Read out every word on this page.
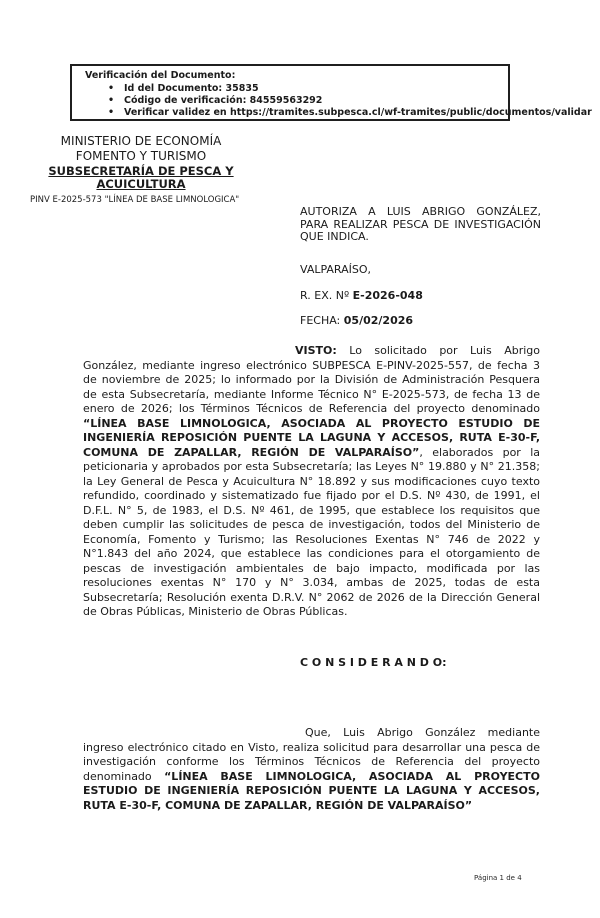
Verificación del Documento:
• Id del Documento: 35835
• Código de verificación: 84559563292
• Verificar validez en https://tramites.subpesca.cl/wf-tramites/public/documentos/validar
MINISTERIO DE ECONOMÍA
FOMENTO Y TURISMO
SUBSECRETARÍA DE PESCA Y
ACUICULTURA
PINV E-2025-573 "LÍNEA DE BASE LIMNOLOGICA"
AUTORIZA A LUIS ABRIGO GONZÁLEZ, PARA REALIZAR PESCA DE INVESTIGACIÓN QUE INDICA.
VALPARAÍSO,
R. EX. Nº E-2026-048
FECHA: 05/02/2026
VISTO: Lo solicitado por Luis Abrigo González, mediante ingreso electrónico SUBPESCA E-PINV-2025-557, de fecha 3 de noviembre de 2025; lo informado por la División de Administración Pesquera de esta Subsecretaría, mediante Informe Técnico N° E-2025-573, de fecha 13 de enero de 2026; los Términos Técnicos de Referencia del proyecto denominado “LÍNEA BASE LIMNOLOGICA, ASOCIADA AL PROYECTO ESTUDIO DE INGENIERÍA REPOSICIÓN PUENTE LA LAGUNA Y ACCESOS, RUTA E-30-F, COMUNA DE ZAPALLAR, REGIÓN DE VALPARAÍSO”, elaborados por la peticionaria y aprobados por esta Subsecretaría; las Leyes N° 19.880 y N° 21.358; la Ley General de Pesca y Acuicultura N° 18.892 y sus modificaciones cuyo texto refundido, coordinado y sistematizado fue fijado por el D.S. Nº 430, de 1991, el D.F.L. N° 5, de 1983, el D.S. Nº 461, de 1995, que establece los requisitos que deben cumplir las solicitudes de pesca de investigación, todos del Ministerio de Economía, Fomento y Turismo; las Resoluciones Exentas N° 746 de 2022 y N°1.843 del año 2024, que establece las condiciones para el otorgamiento de pescas de investigación ambientales de bajo impacto, modificada por las resoluciones exentas N° 170 y N° 3.034, ambas de 2025, todas de esta Subsecretaría; Resolución exenta D.R.V. N° 2062 de 2026 de la Dirección General de Obras Públicas, Ministerio de Obras Públicas.
C O N S I D E R A N D O:
Que, Luis Abrigo González mediante ingreso electrónico citado en Visto, realiza solicitud para desarrollar una pesca de investigación conforme los Términos Técnicos de Referencia del proyecto denominado “LÍNEA BASE LIMNOLOGICA, ASOCIADA AL PROYECTO ESTUDIO DE INGENIERÍA REPOSICIÓN PUENTE LA LAGUNA Y ACCESOS, RUTA E-30-F, COMUNA DE ZAPALLAR, REGIÓN DE VALPARAÍSO”
Página 1 de 4
